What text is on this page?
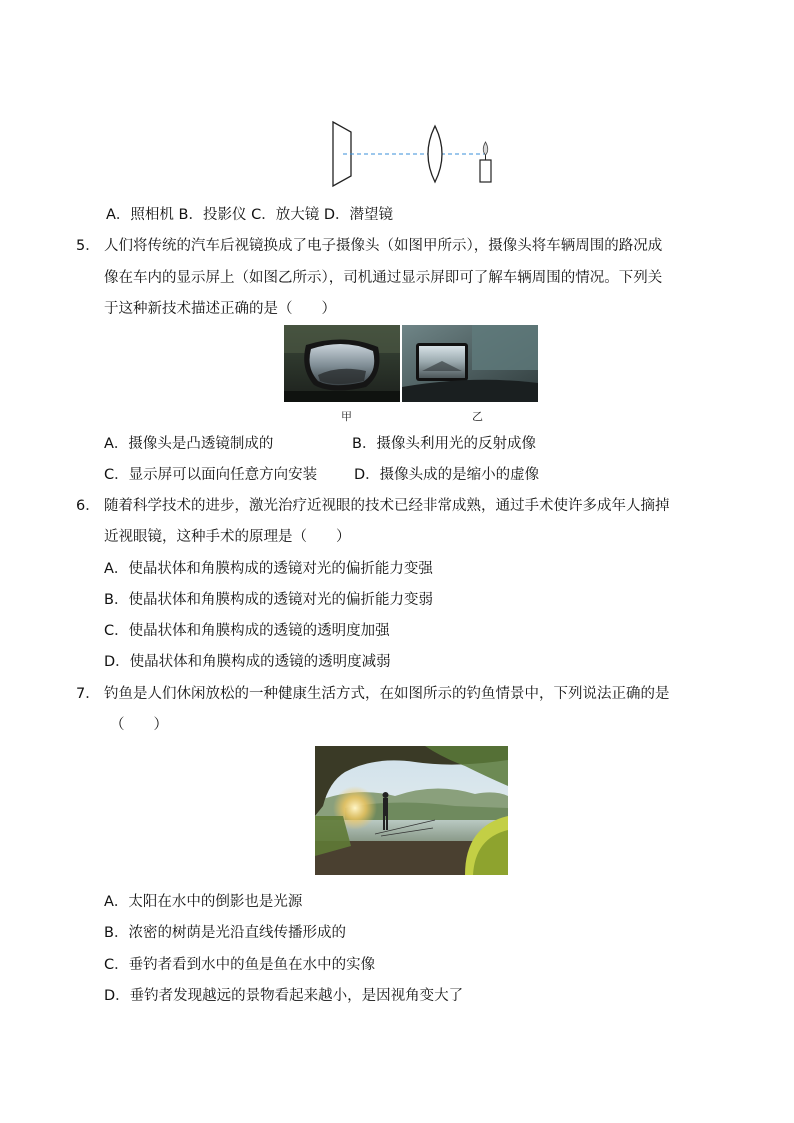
A．照相机 B．投影仪 C．放大镜 D．潜望镜
5． 人们将传统的汽车后视镜换成了电子摄像头（如图甲所示），摄像头将车辆周围的路况成
像在车内的显示屏上（如图乙所示），司机通过显示屏即可了解车辆周围的情况。下列关
于这种新技术描述正确的是（　　）
甲	乙
A．摄像头是凸透镜制成的	B．摄像头利用光的反射成像
C．显示屏可以面向任意方向安装	D．摄像头成的是缩小的虚像
6． 随着科学技术的进步，激光治疗近视眼的技术已经非常成熟，通过手术使许多成年人摘掉
近视眼镜，这种手术的原理是（　　）
A．使晶状体和角膜构成的透镜对光的偏折能力变强
B．使晶状体和角膜构成的透镜对光的偏折能力变弱
C．使晶状体和角膜构成的透镜的透明度加强
D．使晶状体和角膜构成的透镜的透明度减弱
7． 钓鱼是人们休闲放松的一种健康生活方式，在如图所示的钓鱼情景中，下列说法正确的是
（　　）
A．太阳在水中的倒影也是光源
B．浓密的树荫是光沿直线传播形成的
C．垂钓者看到水中的鱼是鱼在水中的实像
D．垂钓者发现越远的景物看起来越小，是因视角变大了
